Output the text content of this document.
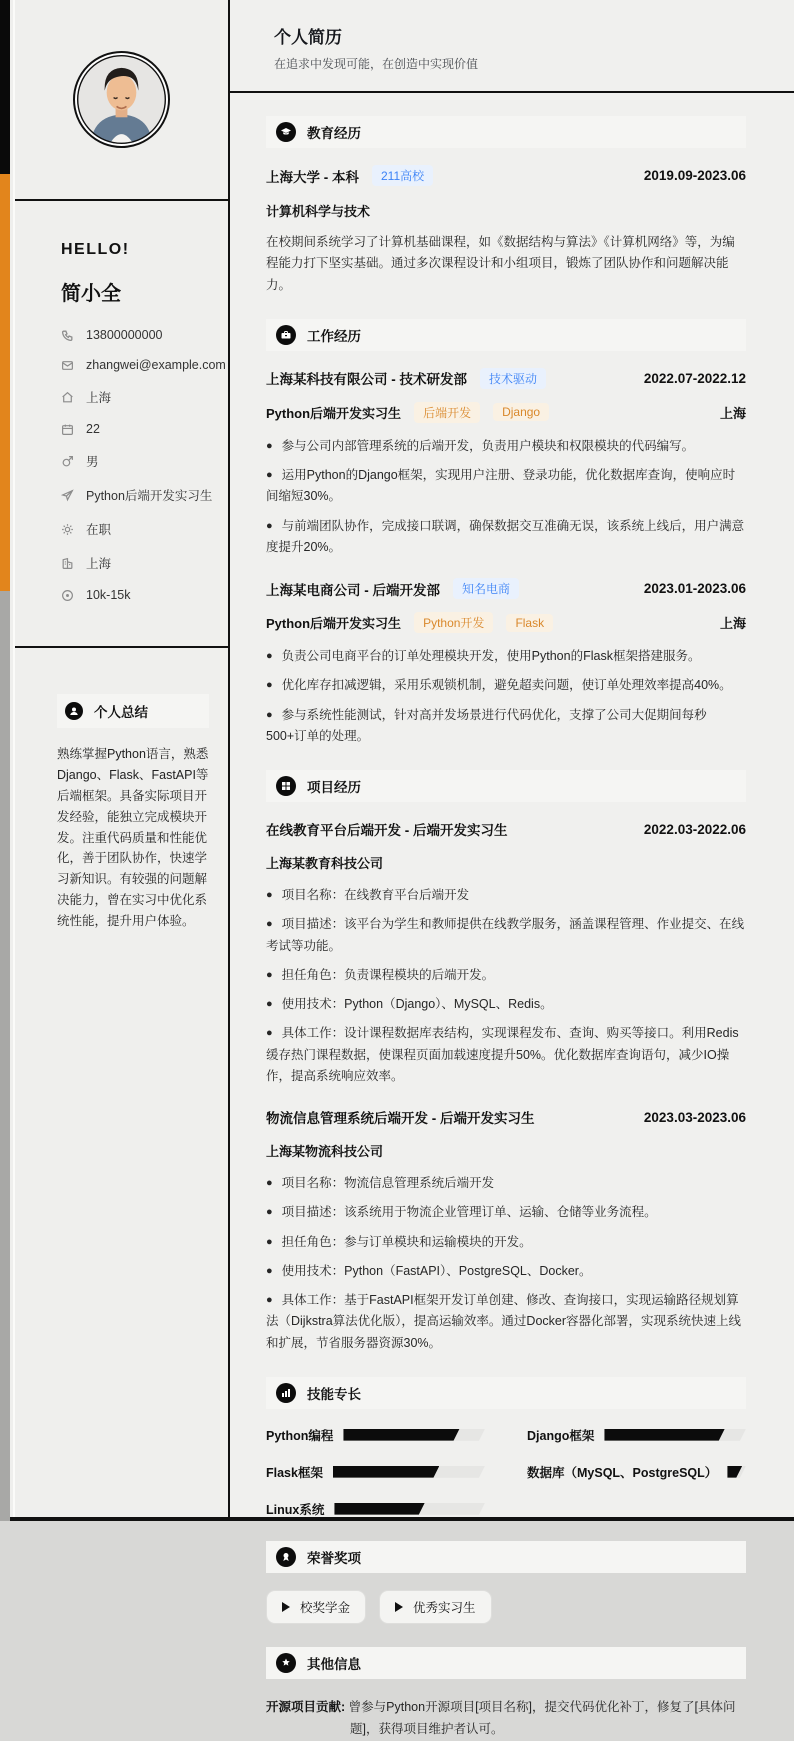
HELLO!
简小全
13800000000
zhangwei@example.com
上海
22
男
Python后端开发实习生
在职
上海
10k-15k
个人总结

熟练掌握Python语言，熟悉Django、Flask、FastAPI等后端框架。具备实际项目开发经验，能独立完成模块开发。注重代码质量和性能优化，善于团队协作，快速学习新知识。有较强的问题解决能力，曾在实习中优化系统性能，提升用户体验。

个人简历
在追求中发现可能，在创造中实现价值
教育经历
上海大学 - 本科	211高校	2019.09-2023.06
计算机科学与技术

在校期间系统学习了计算机基础课程，如《数据结构与算法》《计算机网络》等，为编程能力打下坚实基础。通过多次课程设计和小组项目，锻炼了团队协作和问题解决能力。

工作经历
上海某科技有限公司 - 技术研发部	技术驱动	2022.07-2022.12
Python后端开发实习生	后端开发	Django	上海

● 参与公司内部管理系统的后端开发，负责用户模块和权限模块的代码编写。

● 运用Python的Django框架，实现用户注册、登录功能，优化数据库查询，使响应时间缩短30%。

● 与前端团队协作，完成接口联调，确保数据交互准确无误，该系统上线后，用户满意度提升20%。

上海某电商公司 - 后端开发部	知名电商	2023.01-2023.06
Python后端开发实习生	Python开发	Flask	上海

● 负责公司电商平台的订单处理模块开发，使用Python的Flask框架搭建服务。

● 优化库存扣减逻辑，采用乐观锁机制，避免超卖问题，使订单处理效率提高40%。

● 参与系统性能测试，针对高并发场景进行代码优化，支撑了公司大促期间每秒500+订单的处理。

项目经历
在线教育平台后端开发 - 后端开发实习生	2022.03-2022.06
上海某教育科技公司

● 项目名称：在线教育平台后端开发

● 项目描述：该平台为学生和教师提供在线教学服务，涵盖课程管理、作业提交、在线考试等功能。

● 担任角色：负责课程模块的后端开发。

● 使用技术：Python（Django）、MySQL、Redis。

● 具体工作：设计课程数据库表结构，实现课程发布、查询、购买等接口。利用Redis缓存热门课程数据，使课程页面加载速度提升50%。优化数据库查询语句，减少IO操作，提高系统响应效率。

物流信息管理系统后端开发 - 后端开发实习生	2023.03-2023.06
上海某物流科技公司

● 项目名称：物流信息管理系统后端开发

● 项目描述：该系统用于物流企业管理订单、运输、仓储等业务流程。

● 担任角色：参与订单模块和运输模块的开发。

● 使用技术：Python（FastAPI）、PostgreSQL、Docker。

● 具体工作：基于FastAPI框架开发订单创建、修改、查询接口，实现运输路径规划算法（Dijkstra算法优化版），提高运输效率。通过Docker容器化部署，实现系统快速上线和扩展，节省服务器资源30%。

技能专长
Python编程	Django框架
Flask框架	数据库（MySQL、PostgreSQL）
Linux系统
荣誉奖项
校奖学金	优秀实习生
其他信息

开源项目贡献: 曾参与Python开源项目[项目名称]，提交代码优化补丁，修复了[具体问题]，获得项目维护者认可。
